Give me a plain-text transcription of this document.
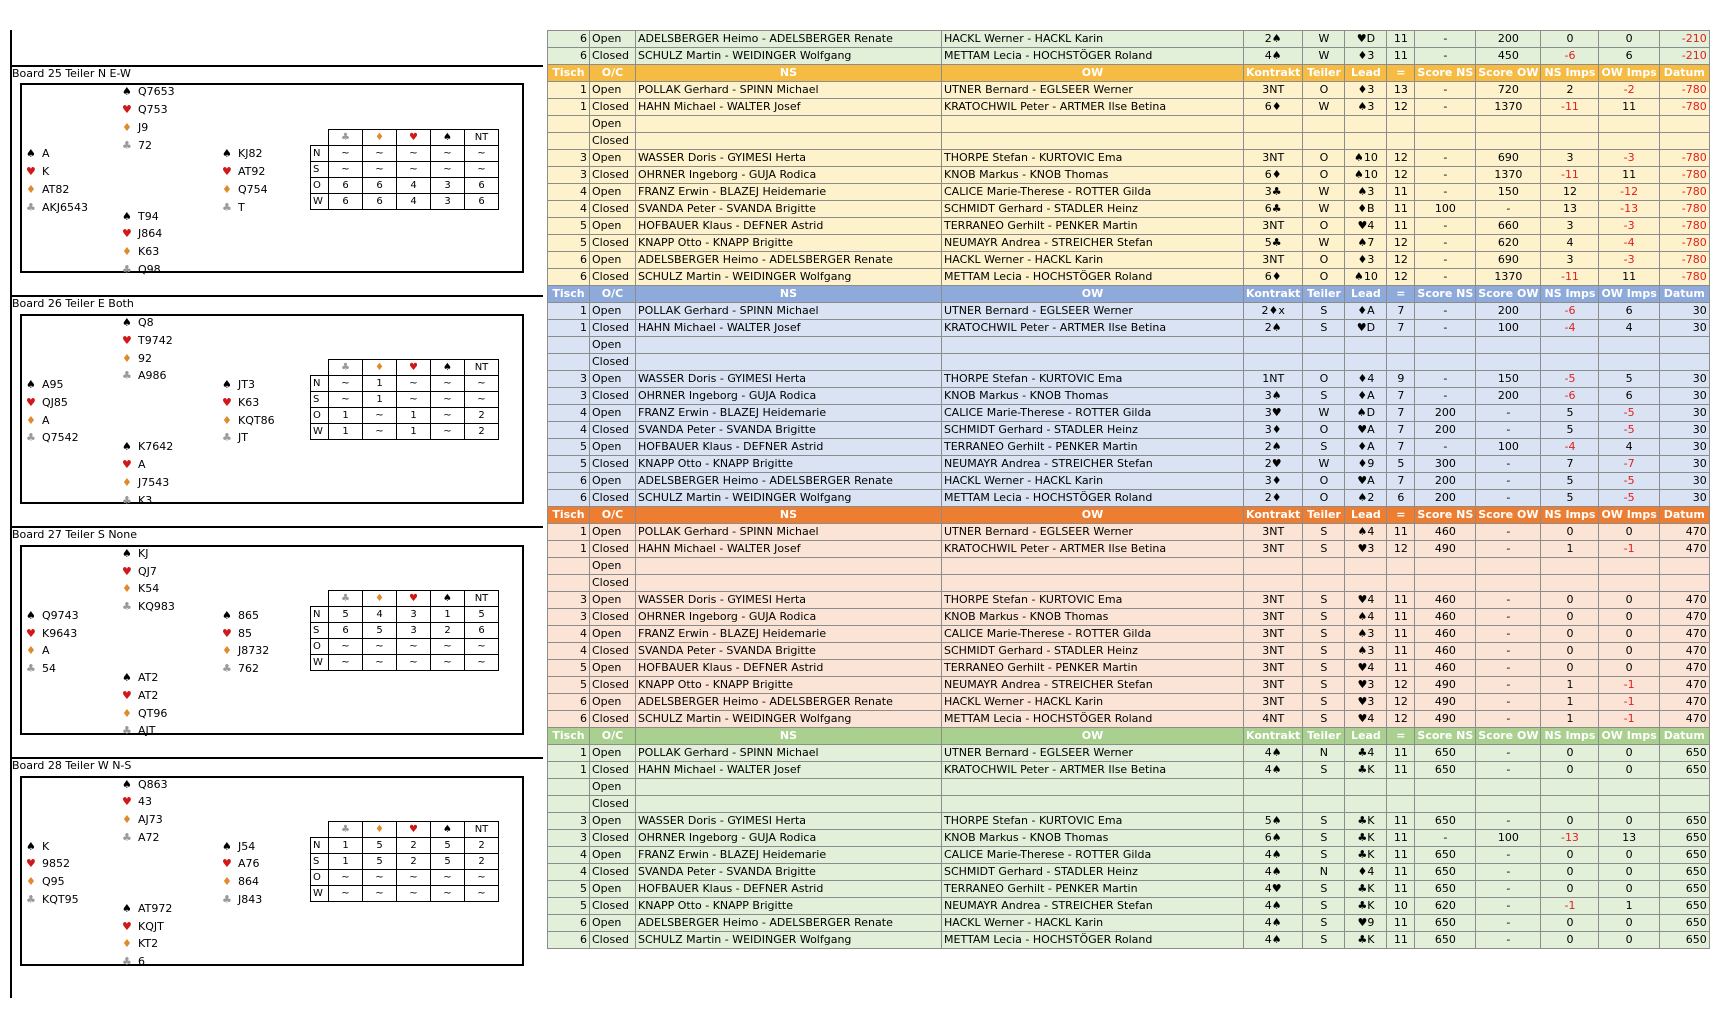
Board 25 Teiler N E-W
♠ Q7653
♥ Q753
♦ J9
♣ 72
♠ A
♥ K
♦ AT82
♣ AKJ6543
♠ KJ82
♥ AT92
♦ Q754
♣ T
♠ T94
♥ J864
♦ K63
♣ Q98
	♣	♦	♥	♠	NT
N	~	~	~	~	~
S	~	~	~	~	~
O	6	6	4	3	6
W	6	6	4	3	6
Board 26 Teiler E Both
♠ Q8
♥ T9742
♦ 92
♣ A986
♠ A95
♥ QJ85
♦ A
♣ Q7542
♠ JT3
♥ K63
♦ KQT86
♣ JT
♠ K7642
♥ A
♦ J7543
♣ K3
	♣	♦	♥	♠	NT
N	~	1	~	~	~
S	~	1	~	~	~
O	1	~	1	~	2
W	1	~	1	~	2
Board 27 Teiler S None
♠ KJ
♥ QJ7
♦ K54
♣ KQ983
♠ Q9743
♥ K9643
♦ A
♣ 54
♠ 865
♥ 85
♦ J8732
♣ 762
♠ AT2
♥ AT2
♦ QT96
♣ AJT
	♣	♦	♥	♠	NT
N	5	4	3	1	5
S	6	5	3	2	6
O	~	~	~	~	~
W	~	~	~	~	~
Board 28 Teiler W N-S
♠ Q863
♥ 43
♦ AJ73
♣ A72
♠ K
♥ 9852
♦ Q95
♣ KQT95
♠ J54
♥ A76
♦ 864
♣ J843
♠ AT972
♥ KQJT
♦ KT2
♣ 6
	♣	♦	♥	♠	NT
N	1	5	2	5	2
S	1	5	2	5	2
O	~	~	~	~	~
W	~	~	~	~	~
6	Open	ADELSBERGER Heimo - ADELSBERGER Renate	HACKL Werner - HACKL Karin	2♠	W	♥D	11	-	200	0	0	-210
6	Closed	SCHULZ Martin - WEIDINGER Wolfgang	METTAM Lecia - HOCHSTÖGER Roland	4♠	W	♦3	11	-	450	-6	6	-210
Tisch	O/C	NS	OW	Kontrakt	Teiler	Lead	=	Score NS	Score OW	NS Imps	OW Imps	Datum
1	Open	POLLAK Gerhard - SPINN Michael	UTNER Bernard - EGLSEER Werner	3NT	O	♦3	13	-	720	2	-2	-780
1	Closed	HAHN Michael - WALTER Josef	KRATOCHWIL Peter - ARTMER Ilse Betina	6♦	W	♠3	12	-	1370	-11	11	-780
	Open											
	Closed											
3	Open	WASSER Doris - GYIMESI Herta	THORPE Stefan - KURTOVIC Ema	3NT	O	♠10	12	-	690	3	-3	-780
3	Closed	OHRNER Ingeborg - GUJA Rodica	KNOB Markus - KNOB Thomas	6♦	O	♠10	12	-	1370	-11	11	-780
4	Open	FRANZ Erwin - BLAZEJ Heidemarie	CALICE Marie-Therese - ROTTER Gilda	3♣	W	♠3	11	-	150	12	-12	-780
4	Closed	SVANDA Peter - SVANDA Brigitte	SCHMIDT Gerhard - STADLER Heinz	6♣	W	♦B	11	100	-	13	-13	-780
5	Open	HOFBAUER Klaus - DEFNER Astrid	TERRANEO Gerhilt - PENKER Martin	3NT	O	♥4	11	-	660	3	-3	-780
5	Closed	KNAPP Otto - KNAPP Brigitte	NEUMAYR Andrea - STREICHER Stefan	5♣	W	♠7	12	-	620	4	-4	-780
6	Open	ADELSBERGER Heimo - ADELSBERGER Renate	HACKL Werner - HACKL Karin	3NT	O	♦3	12	-	690	3	-3	-780
6	Closed	SCHULZ Martin - WEIDINGER Wolfgang	METTAM Lecia - HOCHSTÖGER Roland	6♦	O	♠10	12	-	1370	-11	11	-780
Tisch	O/C	NS	OW	Kontrakt	Teiler	Lead	=	Score NS	Score OW	NS Imps	OW Imps	Datum
1	Open	POLLAK Gerhard - SPINN Michael	UTNER Bernard - EGLSEER Werner	2♦x	S	♦A	7	-	200	-6	6	30
1	Closed	HAHN Michael - WALTER Josef	KRATOCHWIL Peter - ARTMER Ilse Betina	2♠	S	♥D	7	-	100	-4	4	30
	Open											
	Closed											
3	Open	WASSER Doris - GYIMESI Herta	THORPE Stefan - KURTOVIC Ema	1NT	O	♦4	9	-	150	-5	5	30
3	Closed	OHRNER Ingeborg - GUJA Rodica	KNOB Markus - KNOB Thomas	3♠	S	♦A	7	-	200	-6	6	30
4	Open	FRANZ Erwin - BLAZEJ Heidemarie	CALICE Marie-Therese - ROTTER Gilda	3♥	W	♠D	7	200	-	5	-5	30
4	Closed	SVANDA Peter - SVANDA Brigitte	SCHMIDT Gerhard - STADLER Heinz	3♦	O	♥A	7	200	-	5	-5	30
5	Open	HOFBAUER Klaus - DEFNER Astrid	TERRANEO Gerhilt - PENKER Martin	2♠	S	♦A	7	-	100	-4	4	30
5	Closed	KNAPP Otto - KNAPP Brigitte	NEUMAYR Andrea - STREICHER Stefan	2♥	W	♦9	5	300	-	7	-7	30
6	Open	ADELSBERGER Heimo - ADELSBERGER Renate	HACKL Werner - HACKL Karin	3♦	O	♥A	7	200	-	5	-5	30
6	Closed	SCHULZ Martin - WEIDINGER Wolfgang	METTAM Lecia - HOCHSTÖGER Roland	2♦	O	♠2	6	200	-	5	-5	30
Tisch	O/C	NS	OW	Kontrakt	Teiler	Lead	=	Score NS	Score OW	NS Imps	OW Imps	Datum
1	Open	POLLAK Gerhard - SPINN Michael	UTNER Bernard - EGLSEER Werner	3NT	S	♠4	11	460	-	0	0	470
1	Closed	HAHN Michael - WALTER Josef	KRATOCHWIL Peter - ARTMER Ilse Betina	3NT	S	♥3	12	490	-	1	-1	470
	Open											
	Closed											
3	Open	WASSER Doris - GYIMESI Herta	THORPE Stefan - KURTOVIC Ema	3NT	S	♥4	11	460	-	0	0	470
3	Closed	OHRNER Ingeborg - GUJA Rodica	KNOB Markus - KNOB Thomas	3NT	S	♠4	11	460	-	0	0	470
4	Open	FRANZ Erwin - BLAZEJ Heidemarie	CALICE Marie-Therese - ROTTER Gilda	3NT	S	♠3	11	460	-	0	0	470
4	Closed	SVANDA Peter - SVANDA Brigitte	SCHMIDT Gerhard - STADLER Heinz	3NT	S	♠3	11	460	-	0	0	470
5	Open	HOFBAUER Klaus - DEFNER Astrid	TERRANEO Gerhilt - PENKER Martin	3NT	S	♥4	11	460	-	0	0	470
5	Closed	KNAPP Otto - KNAPP Brigitte	NEUMAYR Andrea - STREICHER Stefan	3NT	S	♥3	12	490	-	1	-1	470
6	Open	ADELSBERGER Heimo - ADELSBERGER Renate	HACKL Werner - HACKL Karin	3NT	S	♥3	12	490	-	1	-1	470
6	Closed	SCHULZ Martin - WEIDINGER Wolfgang	METTAM Lecia - HOCHSTÖGER Roland	4NT	S	♥4	12	490	-	1	-1	470
Tisch	O/C	NS	OW	Kontrakt	Teiler	Lead	=	Score NS	Score OW	NS Imps	OW Imps	Datum
1	Open	POLLAK Gerhard - SPINN Michael	UTNER Bernard - EGLSEER Werner	4♠	N	♣4	11	650	-	0	0	650
1	Closed	HAHN Michael - WALTER Josef	KRATOCHWIL Peter - ARTMER Ilse Betina	4♠	S	♣K	11	650	-	0	0	650
	Open											
	Closed											
3	Open	WASSER Doris - GYIMESI Herta	THORPE Stefan - KURTOVIC Ema	5♠	S	♣K	11	650	-	0	0	650
3	Closed	OHRNER Ingeborg - GUJA Rodica	KNOB Markus - KNOB Thomas	6♠	S	♣K	11	-	100	-13	13	650
4	Open	FRANZ Erwin - BLAZEJ Heidemarie	CALICE Marie-Therese - ROTTER Gilda	4♠	S	♣K	11	650	-	0	0	650
4	Closed	SVANDA Peter - SVANDA Brigitte	SCHMIDT Gerhard - STADLER Heinz	4♠	N	♦4	11	650	-	0	0	650
5	Open	HOFBAUER Klaus - DEFNER Astrid	TERRANEO Gerhilt - PENKER Martin	4♥	S	♣K	11	650	-	0	0	650
5	Closed	KNAPP Otto - KNAPP Brigitte	NEUMAYR Andrea - STREICHER Stefan	4♠	S	♣K	10	620	-	-1	1	650
6	Open	ADELSBERGER Heimo - ADELSBERGER Renate	HACKL Werner - HACKL Karin	4♠	S	♥9	11	650	-	0	0	650
6	Closed	SCHULZ Martin - WEIDINGER Wolfgang	METTAM Lecia - HOCHSTÖGER Roland	4♠	S	♣K	11	650	-	0	0	650
